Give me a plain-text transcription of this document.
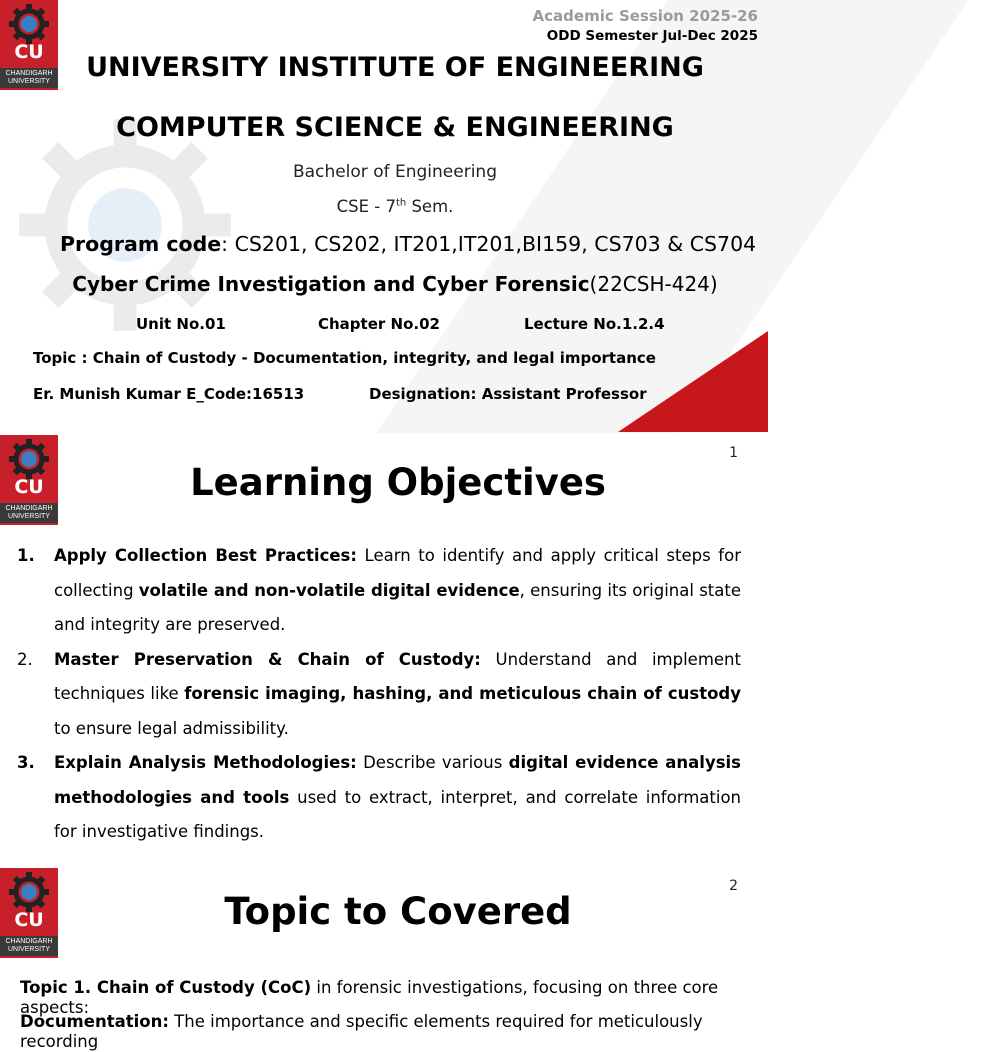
CU
CHANDIGARH
UNIVERSITY
Academic Session 2025-26
ODD Semester Jul-Dec 2025
UNIVERSITY INSTITUTE OF ENGINEERING
COMPUTER SCIENCE & ENGINEERING
Bachelor of Engineering
CSE - 7th Sem.
Program code: CS201, CS202, IT201,IT201,BI159, CS703 & CS704
Cyber Crime Investigation and Cyber Forensic(22CSH-424)
Unit No.01	Chapter No.02	Lecture No.1.2.4
Topic : Chain of Custody - Documentation, integrity, and legal importance
Er. Munish Kumar E_Code:16513	Designation: Assistant Professor
CU
CHANDIGARH
UNIVERSITY
1
Learning Objectives
1.	Apply Collection Best Practices: Learn to identify and apply critical steps for collecting volatile and non-volatile digital evidence, ensuring its original state and integrity are preserved.
2.	Master Preservation & Chain of Custody: Understand and implement techniques like forensic imaging, hashing, and meticulous chain of custody to ensure legal admissibility.
3.	Explain Analysis Methodologies: Describe various digital evidence analysis methodologies and tools used to extract, interpret, and correlate information for investigative findings.
CU
CHANDIGARH
UNIVERSITY
2
Topic to Covered
Topic 1. Chain of Custody (CoC) in forensic investigations, focusing on three core aspects:
Documentation: The importance and specific elements required for meticulously recording
